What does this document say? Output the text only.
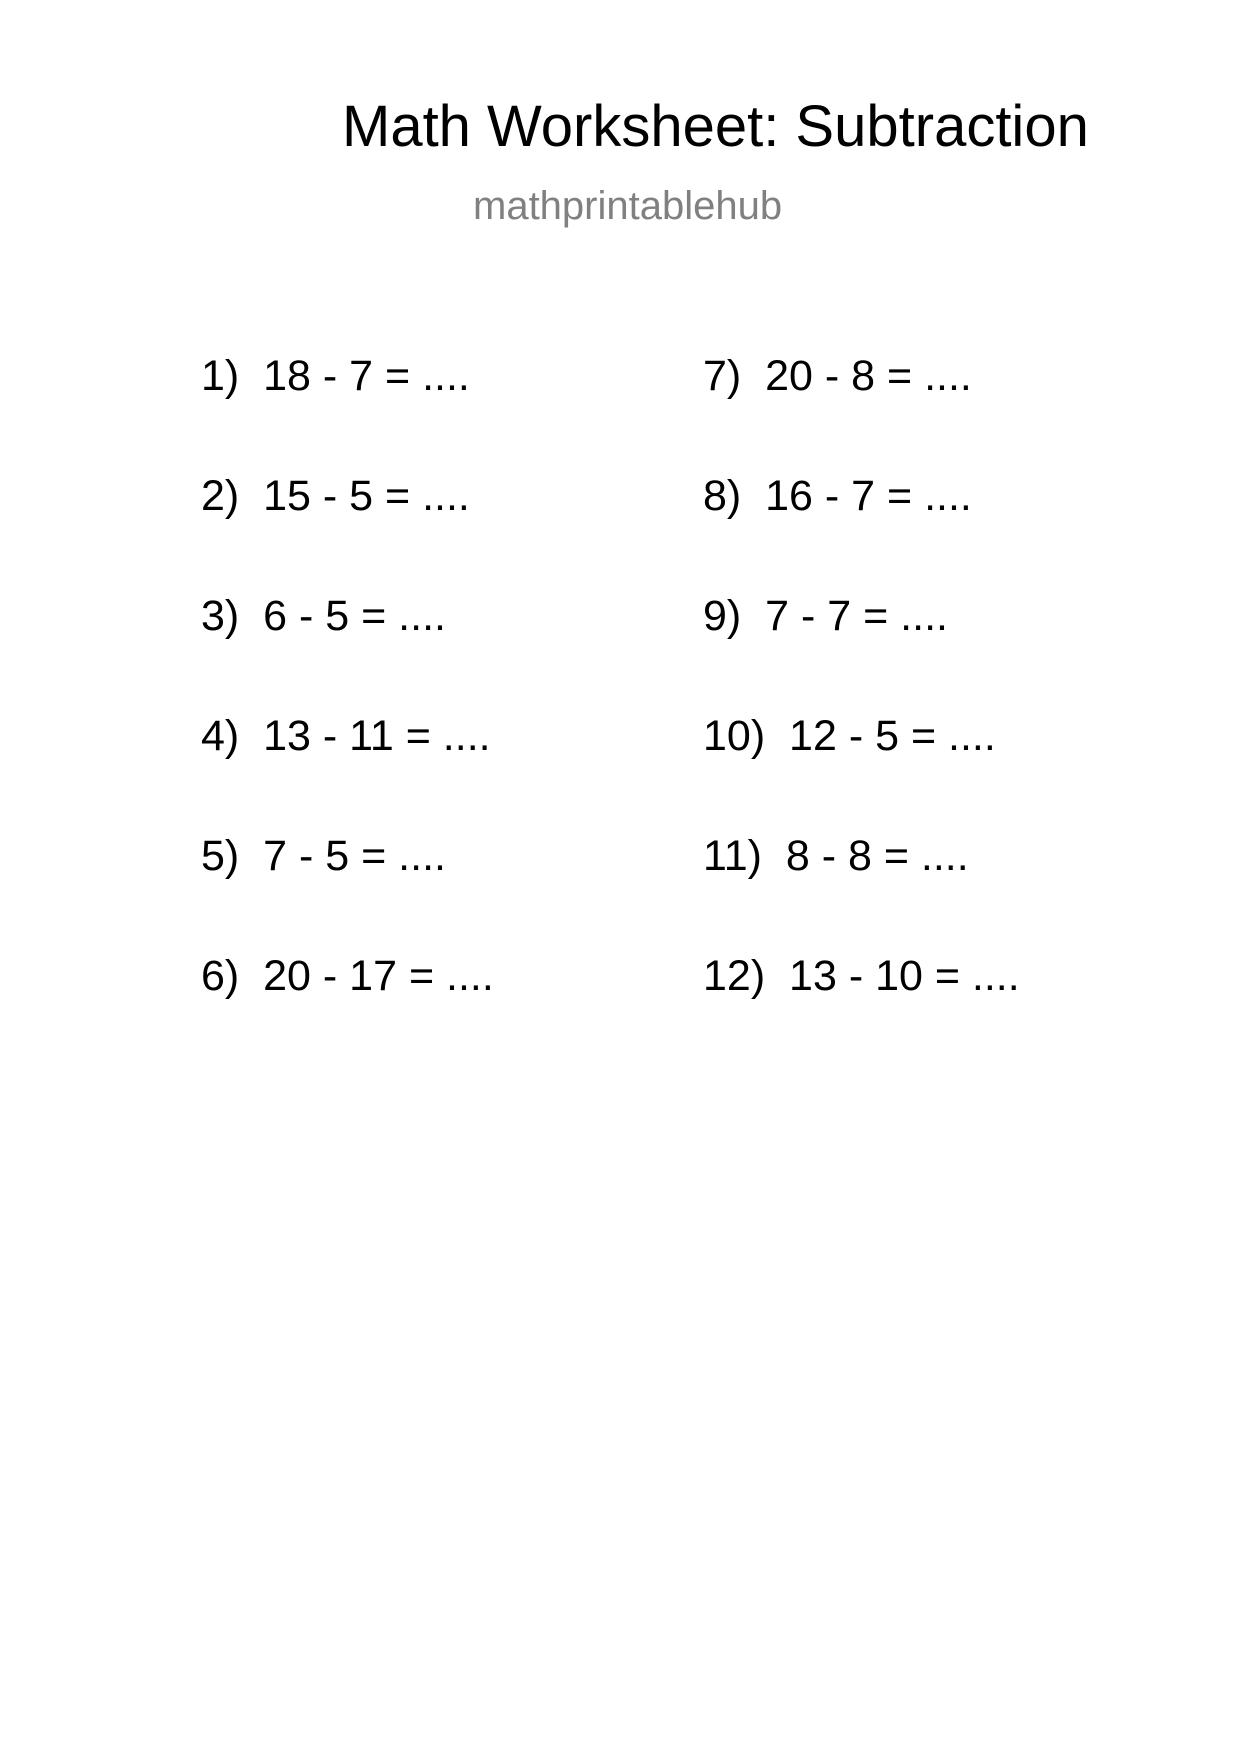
Math Worksheet: Subtraction
mathprintablehub
1)  18 - 7 = ....
2)  15 - 5 = ....
3)  6 - 5 = ....
4)  13 - 11 = ....
5)  7 - 5 = ....
6)  20 - 17 = ....
7)  20 - 8 = ....
8)  16 - 7 = ....
9)  7 - 7 = ....
10)  12 - 5 = ....
11)  8 - 8 = ....
12)  13 - 10 = ....
